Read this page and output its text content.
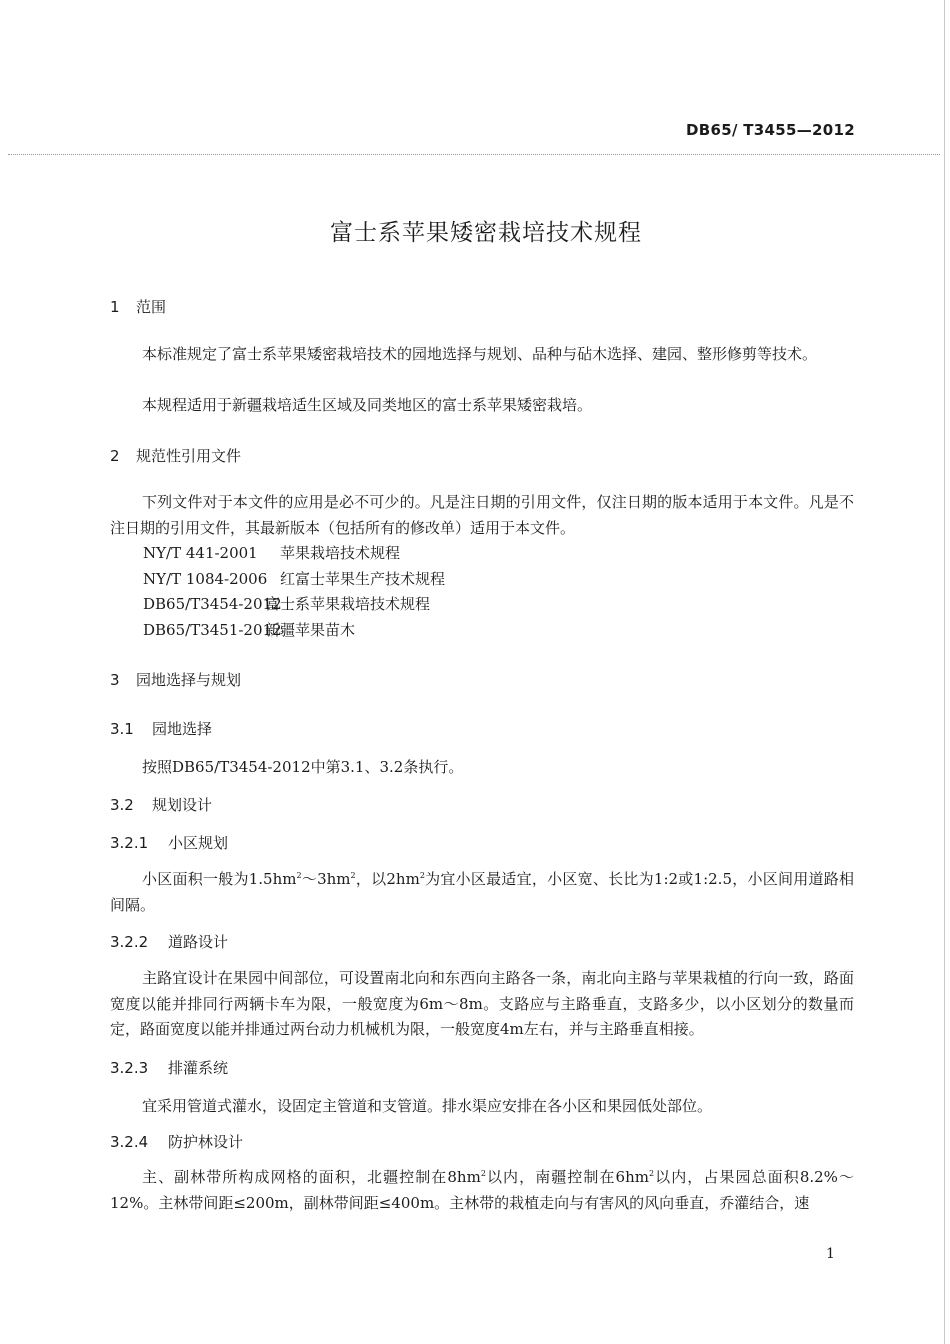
DB65/ T3455—2012

富士系苹果矮密栽培技术规程
1 范围

本标准规定了富士系苹果矮密栽培技术的园地选择与规划、品种与砧木选择、建园、整形修剪等技术。

本规程适用于新疆栽培适生区域及同类地区的富士系苹果矮密栽培。

2 规范性引用文件

下列文件对于本文件的应用是必不可少的。凡是注日期的引用文件，仅注日期的版本适用于本文件。凡是不注日期的引用文件，其最新版本（包括所有的修改单）适用于本文件。

NY/T 441-2001 苹果栽培技术规程

NY/T 1084-2006 红富士苹果生产技术规程

DB65/T3454-2012富士系苹果栽培技术规程

DB65/T3451-2012新疆苹果苗木

3 园地选择与规划
3.1 园地选择

按照DB65/T3454-2012中第3.1、3.2条执行。

3.2 规划设计
3.2.1 小区规划

小区面积一般为$1.5hm^2\sim 3hm^2$，以$2hm^2$为宜小区最适宜，小区宽、长比为1:2或1:2.5，小区间用道路相间隔。

3.2.2 道路设计

主路宜设计在果园中间部位，可设置南北向和东西向主路各一条，南北向主路与苹果栽植的行向一致，路面宽度以能并排同行两辆卡车为限，一般宽度为6m～8m。支路应与主路垂直，支路多少，以小区划分的数量而定，路面宽度以能并排通过两台动力机械机为限，一般宽度4m左右，并与主路垂直相接。

3.2.3 排灌系统

宜采用管道式灌水，设固定主管道和支管道。排水渠应安排在各小区和果园低处部位。

3.2.4 防护林设计

主、副林带所构成网格的面积，北疆控制在$8hm^2$以内，南疆控制在$6hm^2$以内，占果园总面积8.2%～12%。主林带间距≤200m，副林带间距≤400m。主林带的栽植走向与有害风的风向垂直，乔灌结合，速

1
